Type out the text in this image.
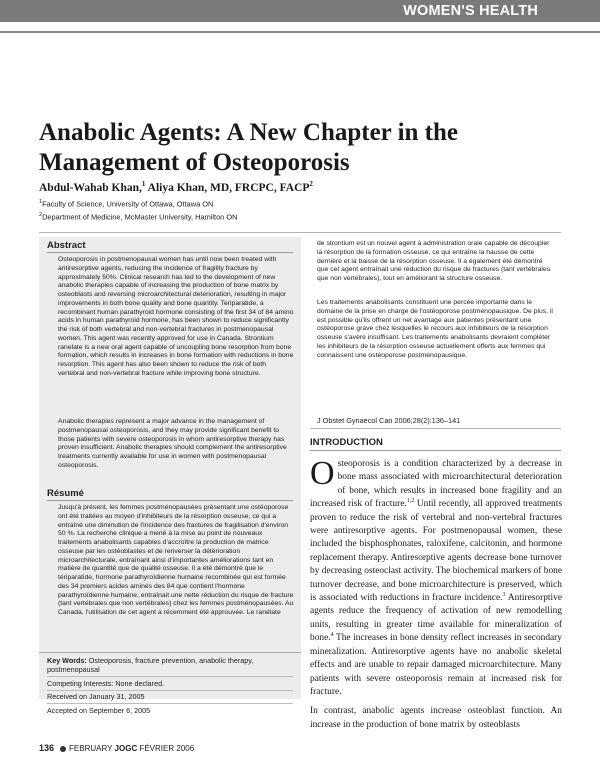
WOMEN'S HEALTH
Anabolic Agents: A New Chapter in the
Management of Osteoporosis
Abdul-Wahab Khan,$^1$ Aliya Khan, MD, FRCPC, FACP$^2$
$^1$Faculty of Science, University of Ottawa, Ottawa ON
$^2$Department of Medicine, McMaster University, Hamilton ON
Abstract

Osteoporosis in postmenopausal women has until now been treated with antiresorptive agents, reducing the incidence of fragility fracture by approximately 50%. Clinical research has led to the development of new anabolic therapies capable of increasing the production of bone matrix by osteoblasts and reversing microarchitectural deterioration, resulting in major improvements in both bone quality and bone quantity. Teriparatide, a recombinant human parathyroid hormone consisting of the first 34 of 84 amino acids in human parathyroid hormone, has been shown to reduce significantly the risk of both vertebral and non-vertebral fractures in postmenopausal women. This agent was recently approved for use in Canada. Strontium ranelate is a new oral agent capable of uncoupling bone resorption from bone formation, which results in increases in bone formation with reductions in bone resorption. This agent has also been shown to reduce the risk of both vertebral and non-vertebral fracture while improving bone structure.

Anabolic therapies represent a major advance in the management of postmenopausal osteoporosis, and they may provide significant benefit to those patients with severe osteoporosis in whom antiresorptive therapy has proven insufficient. Anabolic therapies should complement the antiresorptive treatments currently available for use in women with postmenopausal osteoporosis.

Résumé

Jusqu'à présent, les femmes postménopausées présentant une ostéoporose ont été traitées au moyen d'inhibiteurs de la résorption osseuse, ce qui a entraîné une diminution de l'incidence des fractures de fragilisation d'environ 50 %. La recherche clinique a mené à la mise au point de nouveaux traitements anabolisants capables d'accroître la production de matrice osseuse par les ostéoblastes et de renverser la détérioration microarchitecturale, entraînant ainsi d'importantes améliorations tant en matière de quantité que de qualité osseuse. Il a été démontré que le tériparatide, hormone parathyroïdienne humaine recombinée qui est formée des 34 premiers acides aminés des 84 que contient l'hormone parathyroïdienne humaine, entraînait une nette réduction du risque de fracture (tant vertébrales que non vertébrales) chez les femmes postménopausées. Au Canada, l'utilisation de cet agent a récemment été approuvée. Le ranélate

Key Words: Osteoporosis, fracture prevention, anabolic therapy, postmenopausal
Competing Interests: None declared.
Received on January 31, 2005
Accepted on September 6, 2005

de strontium est un nouvel agent à administration orale capable de découpler la résorption de la formation osseuse, ce qui entraîne la hausse de cette dernière et la baisse de la résorption osseuse. Il a également été démontré que cet agent entraînait une réduction du risque de fractures (tant vertébrales que non vertébrales), tout en améliorant la structure osseuse.

Les traitements anabolisants constituent une percée importante dans le domaine de la prise en charge de l'ostéoporose postménopausique. De plus, il est possible qu'ils offrent un net avantage aux patientes présentant une ostéoporose grave chez lesquelles le recours aux inhibiteurs de la résorption osseuse s'avère insuffisant. Les traitements anabolisants devraient compléter les inhibiteurs de la résorption osseuse actuellement offerts aux femmes qui connaissent une ostéoporose postménopausique.

J Obstet Gynaecol Can 2006;28(2):136–141
INTRODUCTION

Osteoporosis is a condition characterized by a decrease in bone mass associated with microarchitectural deterioration of bone, which results in increased bone fragility and an increased risk of fracture.$^{1,2}$ Until recently, all approved treatments proven to reduce the risk of vertebral and non-vertebral fractures were antiresorptive agents. For postmenopausal women, these included the bisphosphonates, raloxifene, calcitonin, and hormone replacement therapy. Antiresorptive agents decrease bone turnover by decreasing osteoclast activity. The biochemical markers of bone turnover decrease, and bone microarchitecture is preserved, which is associated with reductions in fracture incidence.$^3$ Antiresorptive agents reduce the frequency of activation of new remodelling units, resulting in greater time available for mineralization of bone.$^4$ The increases in bone density reflect increases in secondary mineralization. Antiresorptive agents have no anabolic skeletal effects and are unable to repair damaged microarchitecture. Many patients with severe osteoporosis remain at increased risk for fracture.

In contrast, anabolic agents increase osteoblast function. An increase in the production of bone matrix by osteoblasts

136 FEBRUARY JOGC FÉVRIER 2006
